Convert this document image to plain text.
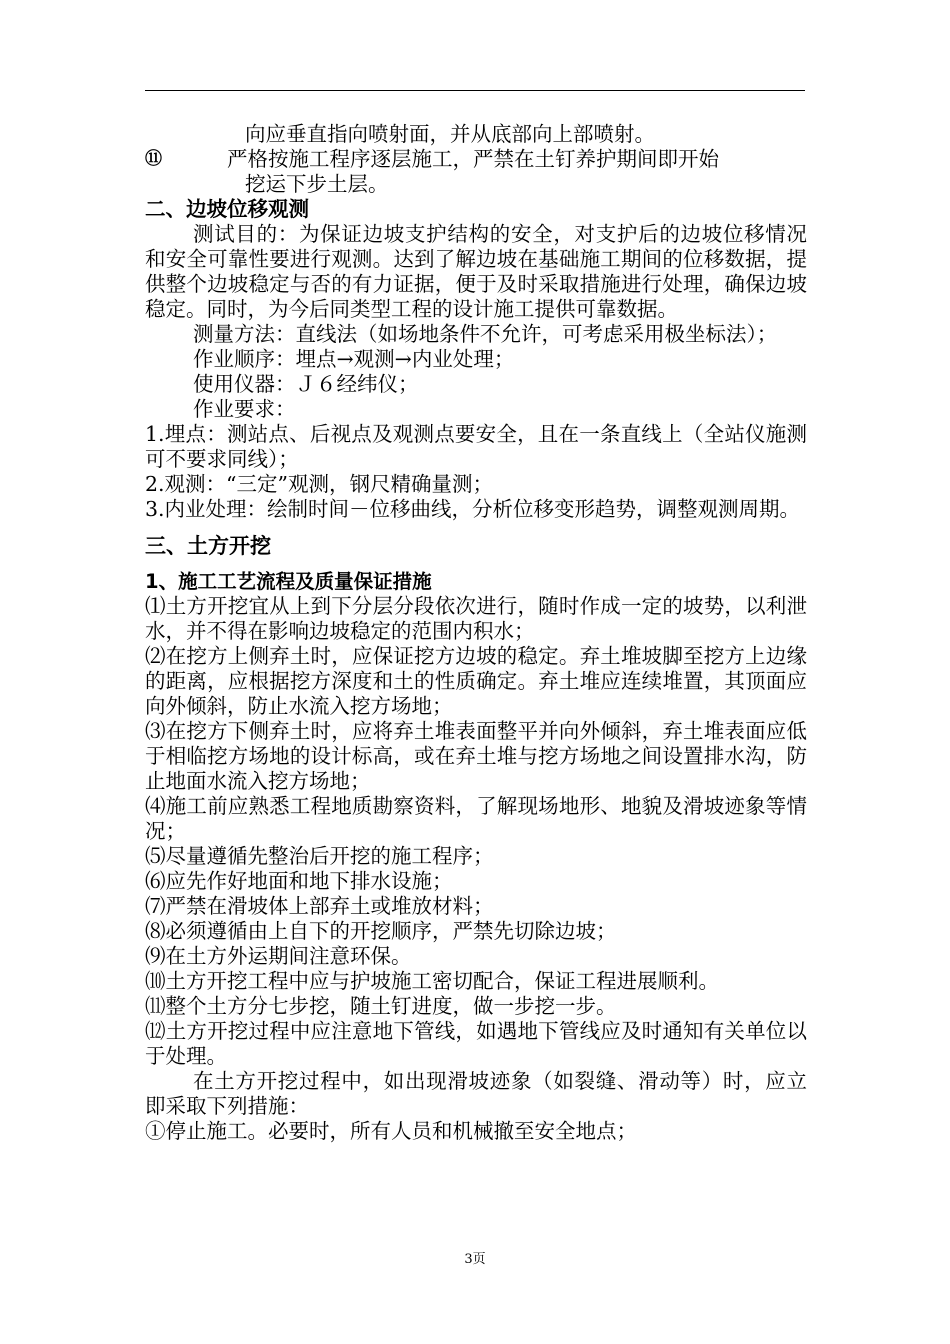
向应垂直指向喷射面，并从底部向上部喷射。

⑪	严格按施工程序逐层施工，严禁在土钉养护期间即开始
挖运下步土层。

二、边坡位移观测

测试目的：为保证边坡支护结构的安全，对支护后的边坡位移情况和安全可靠性要进行观测。达到了解边坡在基础施工期间的位移数据，提供整个边坡稳定与否的有力证据，便于及时采取措施进行处理，确保边坡稳定。同时，为今后同类型工程的设计施工提供可靠数据。

测量方法：直线法（如场地条件不允许，可考虑采用极坐标法）；

作业顺序：埋点→观测→内业处理；

使用仪器：Ｊ６经纬仪；

作业要求：

1.埋点：测站点、后视点及观测点要安全，且在一条直线上（全站仪施测可不要求同线）；

2.观测：“三定”观测，钢尺精确量测；

3.内业处理：绘制时间－位移曲线，分析位移变形趋势，调整观测周期。

三、土方开挖

1、施工工艺流程及质量保证措施

⑴土方开挖宜从上到下分层分段依次进行，随时作成一定的坡势，以利泄水，并不得在影响边坡稳定的范围内积水；

⑵在挖方上侧弃土时，应保证挖方边坡的稳定。弃土堆坡脚至挖方上边缘的距离，应根据挖方深度和土的性质确定。弃土堆应连续堆置，其顶面应向外倾斜，防止水流入挖方场地；

⑶在挖方下侧弃土时，应将弃土堆表面整平并向外倾斜，弃土堆表面应低于相临挖方场地的设计标高，或在弃土堆与挖方场地之间设置排水沟，防止地面水流入挖方场地；

⑷施工前应熟悉工程地质勘察资料，了解现场地形、地貌及滑坡迹象等情况；

⑸尽量遵循先整治后开挖的施工程序；

⑹应先作好地面和地下排水设施；

⑺严禁在滑坡体上部弃土或堆放材料；

⑻必须遵循由上自下的开挖顺序，严禁先切除边坡；

⑼在土方外运期间注意环保。

⑽土方开挖工程中应与护坡施工密切配合，保证工程进展顺利。

⑾整个土方分七步挖，随土钉进度，做一步挖一步。

⑿土方开挖过程中应注意地下管线，如遇地下管线应及时通知有关单位以于处理。

在土方开挖过程中，如出现滑坡迹象（如裂缝、滑动等）时，应立即采取下列措施：

①停止施工。必要时，所有人员和机械撤至安全地点；

3页
